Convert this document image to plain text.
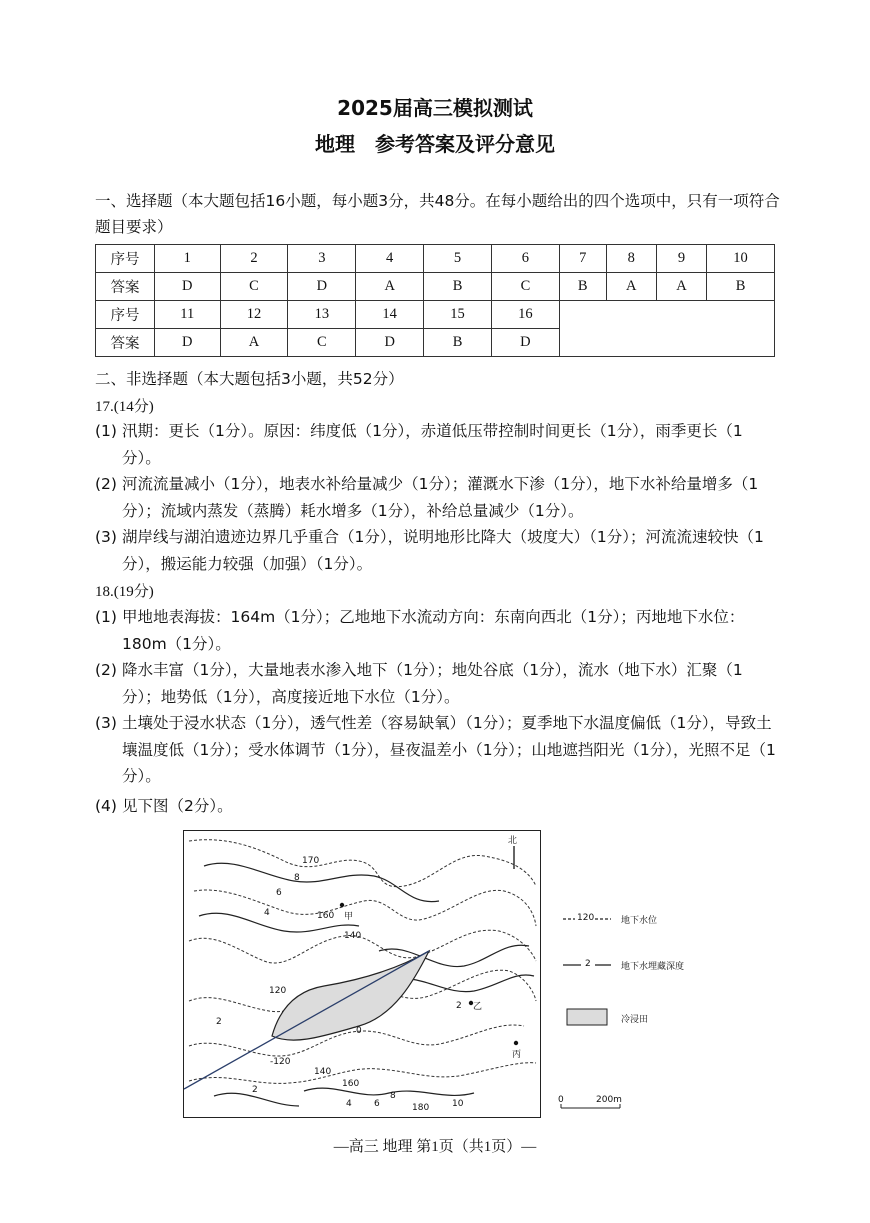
2025届高三模拟测试
地理　参考答案及评分意见
一、选择题（本大题包括16小题，每小题3分，共48分。在每小题给出的四个选项中，只有一项符合题目要求）
序号	1	2	3	4	5	6	7	8	9	10
答案	D	C	D	A	B	C	B	A	A	B
序号	11	12	13	14	15	16				
答案	D	A	C	D	B	D				
二、非选择题（本大题包括3小题，共52分）
17.(14分)
(1) 汛期：更长（1分）。原因：纬度低（1分），赤道低压带控制时间更长（1分），雨季更长（1分）。
(2) 河流流量减小（1分），地表水补给量减少（1分）；灌溉水下渗（1分），地下水补给量增多（1分）；流域内蒸发（蒸腾）耗水增多（1分），补给总量减少（1分）。
(3) 湖岸线与湖泊遗迹边界几乎重合（1分），说明地形比降大（坡度大）（1分）；河流流速较快（1分），搬运能力较强（加强）（1分）。
18.(19分)
(1) 甲地地表海拔：164m（1分）；乙地地下水流动方向：东南向西北（1分）；丙地地下水位：180m（1分）。
(2) 降水丰富（1分），大量地表水渗入地下（1分）；地处谷底（1分），流水（地下水）汇聚（1分）；地势低（1分），高度接近地下水位（1分）。
(3) 土壤处于浸水状态（1分），透气性差（容易缺氧）（1分）；夏季地下水温度偏低（1分），导致土壤温度低（1分）；受水体调节（1分），昼夜温差小（1分）；山地遮挡阳光（1分），光照不足（1分）。
(4) 见下图（2分）。
北
170
8
6
4	160
140
120
2
0
-120
140
160
2
4 6
8
180	10
2
甲
乙
丙
120	地下水位
2	地下水埋藏深度
冷浸田
0	200m
—高三 地理 第1页（共1页）—
